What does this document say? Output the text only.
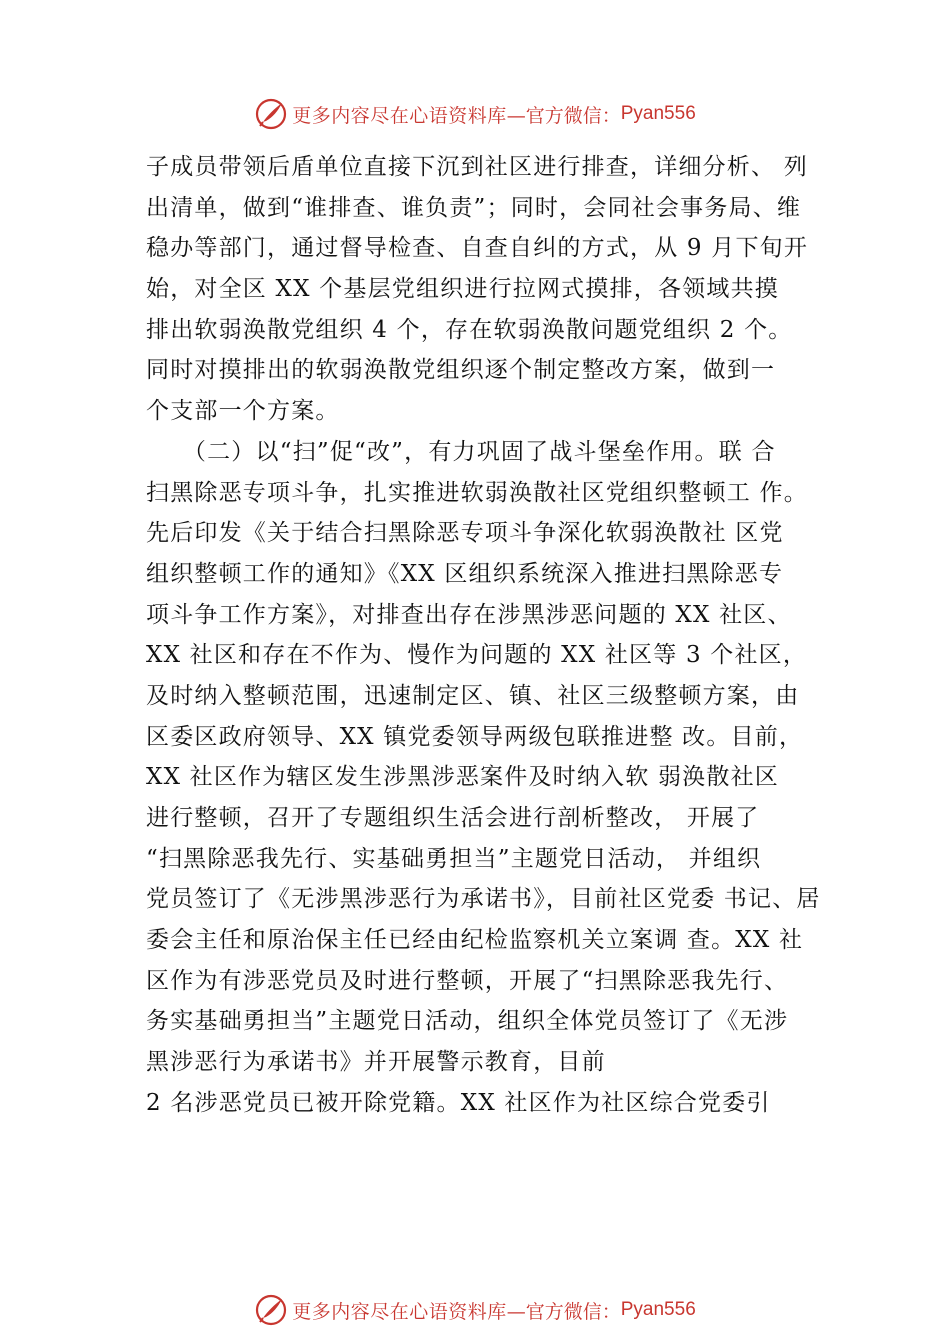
更多内容尽在心语资料库 —官方微信： Pyan556
子成员带领后盾单位直接下沉到社区进行排查，详细分析、 列
出清单，做到“谁排查、谁负责”；同时，会同社会事务局、维
稳办等部门，通过督导检查、自查自纠的方式，从 9 月下旬开
始，对全区 XX 个基层党组织进行拉网式摸排，各领域共摸
排出软弱涣散党组织 4 个，存在软弱涣散问题党组织 2 个。
同时对摸排出的软弱涣散党组织逐个制定整改方案，做到一
个支部一个方案。
　　（二）以“扫”促“改”，有力巩固了战斗堡垒作用。联 合
扫黑除恶专项斗争，扎实推进软弱涣散社区党组织整顿工 作。
先后印发《关于结合扫黑除恶专项斗争深化软弱涣散社 区党
组织整顿工作的通知》《XX 区组织系统深入推进扫黑除恶专
项斗争工作方案》，对排查出存在涉黑涉恶问题的 XX 社区、
XX 社区和存在不作为、慢作为问题的 XX 社区等 3 个社区，
及时纳入整顿范围，迅速制定区、镇、社区三级整顿方案，由
区委区政府领导、XX 镇党委领导两级包联推进整 改。目前，
XX 社区作为辖区发生涉黑涉恶案件及时纳入软 弱涣散社区
进行整顿，召开了专题组织生活会进行剖析整改， 开展了
“扫黑除恶我先行、实基础勇担当”主题党日活动， 并组织
党员签订了《无涉黑涉恶行为承诺书》，目前社区党委 书记、居
委会主任和原治保主任已经由纪检监察机关立案调 查。XX 社
区作为有涉恶党员及时进行整顿，开展了“扫黑除恶我先行、
务实基础勇担当”主题党日活动，组织全体党员签订了《无涉
黑涉恶行为承诺书》并开展警示教育，目前
2 名涉恶党员已被开除党籍。XX 社区作为社区综合党委引
更多内容尽在心语资料库 —官方微信： Pyan556
